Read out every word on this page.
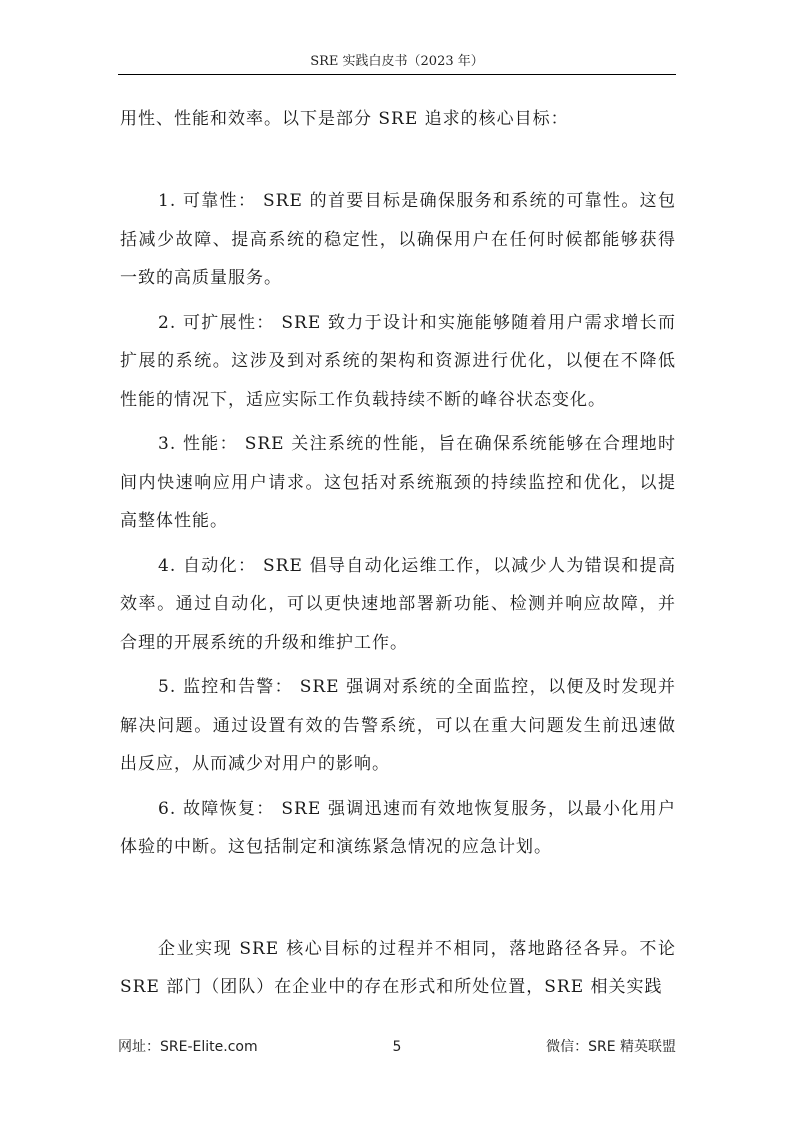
SRE 实践白皮书（2023 年）

用性、性能和效率。以下是部分 SRE 追求的核心目标：

1. 可靠性： SRE 的首要目标是确保服务和系统的可靠性。这包括减少故障、提高系统的稳定性，以确保用户在任何时候都能够获得一致的高质量服务。

2. 可扩展性： SRE 致力于设计和实施能够随着用户需求增长而扩展的系统。这涉及到对系统的架构和资源进行优化，以便在不降低性能的情况下，适应实际工作负载持续不断的峰谷状态变化。

3. 性能： SRE 关注系统的性能，旨在确保系统能够在合理地时间内快速响应用户请求。这包括对系统瓶颈的持续监控和优化，以提高整体性能。

4. 自动化： SRE 倡导自动化运维工作，以减少人为错误和提高效率。通过自动化，可以更快速地部署新功能、检测并响应故障，并合理的开展系统的升级和维护工作。

5. 监控和告警： SRE 强调对系统的全面监控，以便及时发现并解决问题。通过设置有效的告警系统，可以在重大问题发生前迅速做出反应，从而减少对用户的影响。

6. 故障恢复： SRE 强调迅速而有效地恢复服务，以最小化用户体验的中断。这包括制定和演练紧急情况的应急计划。

企业实现 SRE 核心目标的过程并不相同，落地路径各异。不论 SRE 部门（团队）在企业中的存在形式和所处位置，SRE 相关实践

网址：SRE-Elite.com	5	微信：SRE 精英联盟
